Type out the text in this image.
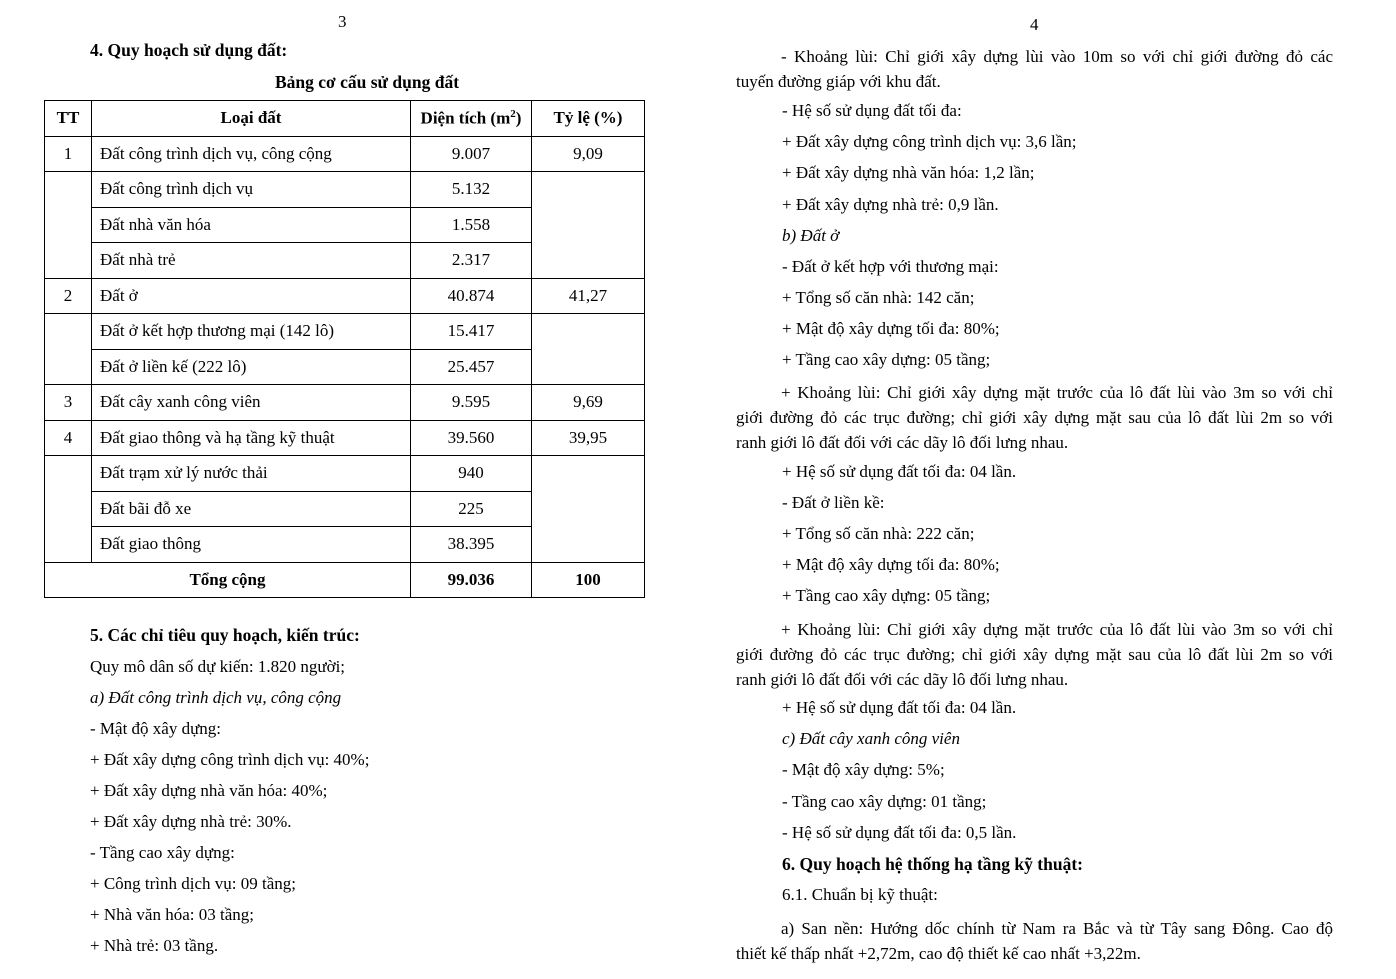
3
4. Quy hoạch sử dụng đất:
Bảng cơ cấu sử dụng đất
TT	Loại đất	Diện tích $(m^2)$	Tỷ lệ (%)
1	Đất công trình dịch vụ, công cộng	9.007	9,09
	Đất công trình dịch vụ	5.132	
	Đất nhà văn hóa	1.558	
	Đất nhà trẻ	2.317	
2	Đất ở	40.874	41,27
	Đất ở kết hợp thương mại (142 lô)	15.417	
	Đất ở liền kế (222 lô)	25.457	
3	Đất cây xanh công viên	9.595	9,69
4	Đất giao thông và hạ tầng kỹ thuật	39.560	39,95
	Đất trạm xử lý nước thải	940	
	Đất bãi đỗ xe	225	
	Đất giao thông	38.395	
Tổng cộng		99.036	100
5. Các chỉ tiêu quy hoạch, kiến trúc:
Quy mô dân số dự kiến: 1.820 người;
a) Đất công trình dịch vụ, công cộng
- Mật độ xây dựng:
+ Đất xây dựng công trình dịch vụ: 40%;
+ Đất xây dựng nhà văn hóa: 40%;
+ Đất xây dựng nhà trẻ: 30%.
- Tầng cao xây dựng:
+ Công trình dịch vụ: 09 tầng;
+ Nhà văn hóa: 03 tầng;
+ Nhà trẻ: 03 tầng.
4
- Khoảng lùi: Chỉ giới xây dựng lùi vào 10m so với chỉ giới đường đỏ các
tuyến đường giáp với khu đất.
- Hệ số sử dụng đất tối đa:
+ Đất xây dựng công trình dịch vụ: 3,6 lần;
+ Đất xây dựng nhà văn hóa: 1,2 lần;
+ Đất xây dựng nhà trẻ: 0,9 lần.
b) Đất ở
- Đất ở kết hợp với thương mại:
+ Tổng số căn nhà: 142 căn;
+ Mật độ xây dựng tối đa: 80%;
+ Tầng cao xây dựng: 05 tầng;
+ Khoảng lùi: Chỉ giới xây dựng mặt trước của lô đất lùi vào 3m so với chỉ
giới đường đỏ các trục đường; chỉ giới xây dựng mặt sau của lô đất lùi 2m so với
ranh giới lô đất đối với các dãy lô đối lưng nhau.
+ Hệ số sử dụng đất tối đa: 04 lần.
- Đất ở liền kề:
+ Tổng số căn nhà: 222 căn;
+ Mật độ xây dựng tối đa: 80%;
+ Tầng cao xây dựng: 05 tầng;
+ Khoảng lùi: Chỉ giới xây dựng mặt trước của lô đất lùi vào 3m so với chỉ
giới đường đỏ các trục đường; chỉ giới xây dựng mặt sau của lô đất lùi 2m so với
ranh giới lô đất đối với các dãy lô đối lưng nhau.
+ Hệ số sử dụng đất tối đa: 04 lần.
c) Đất cây xanh công viên
- Mật độ xây dựng: 5%;
- Tầng cao xây dựng: 01 tầng;
- Hệ số sử dụng đất tối đa: 0,5 lần.
6. Quy hoạch hệ thống hạ tầng kỹ thuật:
6.1. Chuẩn bị kỹ thuật:
a) San nền: Hướng dốc chính từ Nam ra Bắc và từ Tây sang Đông. Cao độ
thiết kế thấp nhất +2,72m, cao độ thiết kế cao nhất +3,22m.
